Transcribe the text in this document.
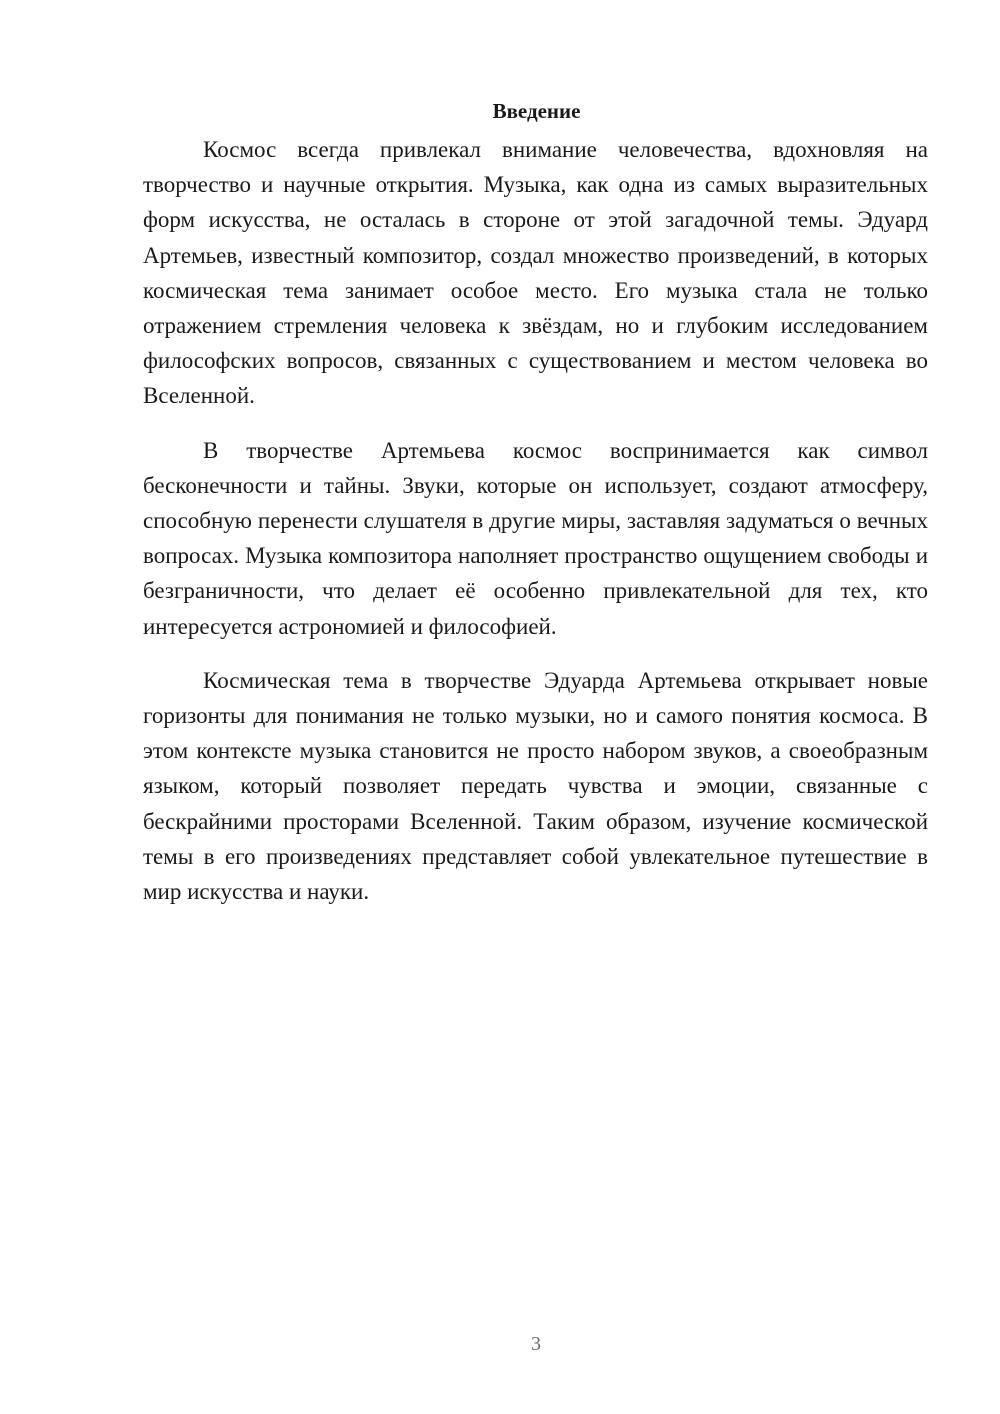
Введение

Космос всегда привлекал внимание человечества, вдохновляя на творчество и научные открытия. Музыка, как одна из самых выразительных форм искусства, не осталась в стороне от этой загадочной темы. Эдуард Артемьев, известный композитор, создал множество произведений, в которых космическая тема занимает особое место. Его музыка стала не только отражением стремления человека к звёздам, но и глубоким исследованием философских вопросов, связанных с существованием и местом человека во Вселенной.

В творчестве Артемьева космос воспринимается как символ бесконечности и тайны. Звуки, которые он использует, создают атмосферу, способную перенести слушателя в другие миры, заставляя задуматься о вечных вопросах. Музыка композитора наполняет пространство ощущением свободы и безграничности, что делает её особенно привлекательной для тех, кто интересуется астрономией и философией.

Космическая тема в творчестве Эдуарда Артемьева открывает новые горизонты для понимания не только музыки, но и самого понятия космоса. В этом контексте музыка становится не просто набором звуков, а своеобразным языком, который позволяет передать чувства и эмоции, связанные с бескрайними просторами Вселенной. Таким образом, изучение космической темы в его произведениях представляет собой увлекательное путешествие в мир искусства и науки.

3
